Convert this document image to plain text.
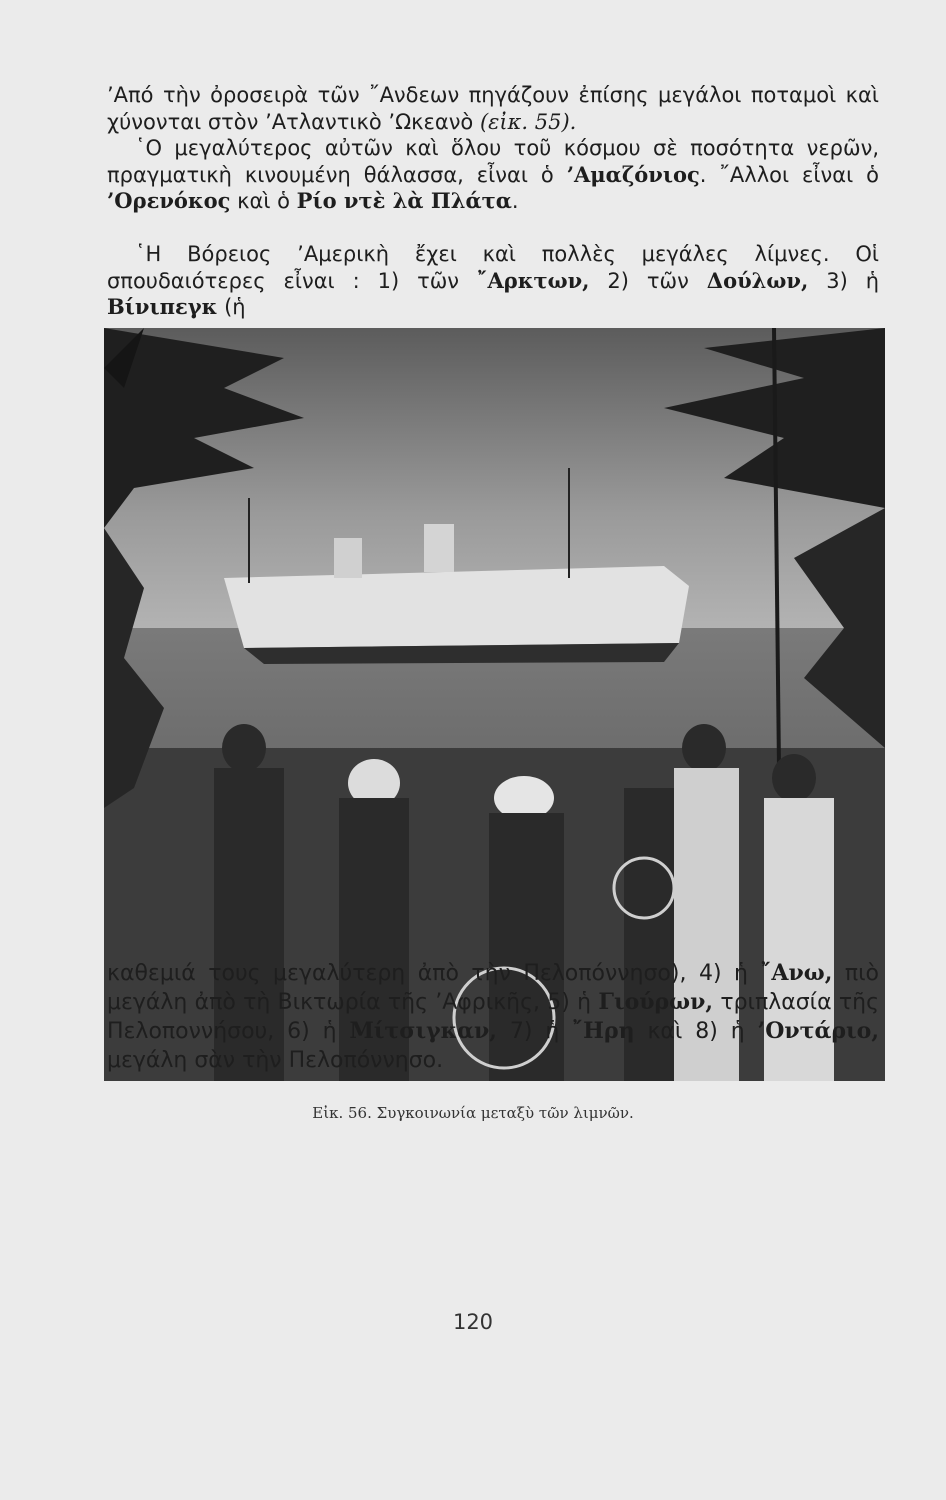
’Από τὴν ὀροσειρὰ τῶν ῎Ανδεων πηγάζουν ἐπίσης μεγάλοι ποταμοὶ καὶ χύνονται στὸν ’Ατλαντικὸ ’Ωκεανὸ (εἰκ. 55).

῾Ο μεγαλύτερος αὐτῶν καὶ ὅλου τοῦ κόσμου σὲ ποσότητα νερῶν, πραγματικὴ κινουμένη θάλασσα, εἶναι ὁ ’Αμαζόνιος. ῎Αλλοι εἶναι ὁ ’Ορενόκος καὶ ὁ Ρίο ντὲ λὰ Πλάτα.

῾Η Βόρειος ’Αμερικὴ ἔχει καὶ πολλὲς μεγάλες λίμνες. Οἱ σπουδαιότερες εἶναι : 1) τῶν ῎Αρκτων, 2) τῶν Δούλων, 3) ἡ Βίνιπεγκ (ἡ

Εἰκ. 56. Συγκοινωνία μεταξὺ τῶν λιμνῶν.

καθεμιά τους μεγαλύτερη ἀπὸ τὴν Πελοπόννησο), 4) ἡ ῎Ανω, πιὸ μεγάλη ἀπὸ τὴ Βικτωρία τῆς ’Αφρικῆς, 5) ἡ Γιούρων, τριπλασία τῆς Πελοποννήσου, 6) ἡ Μίτσιγκαν, 7) ἡ ῎Ηρη καὶ 8) ἡ ’Οντάριο, μεγάλη σὰν τὴν Πελοπόννησο.

120
